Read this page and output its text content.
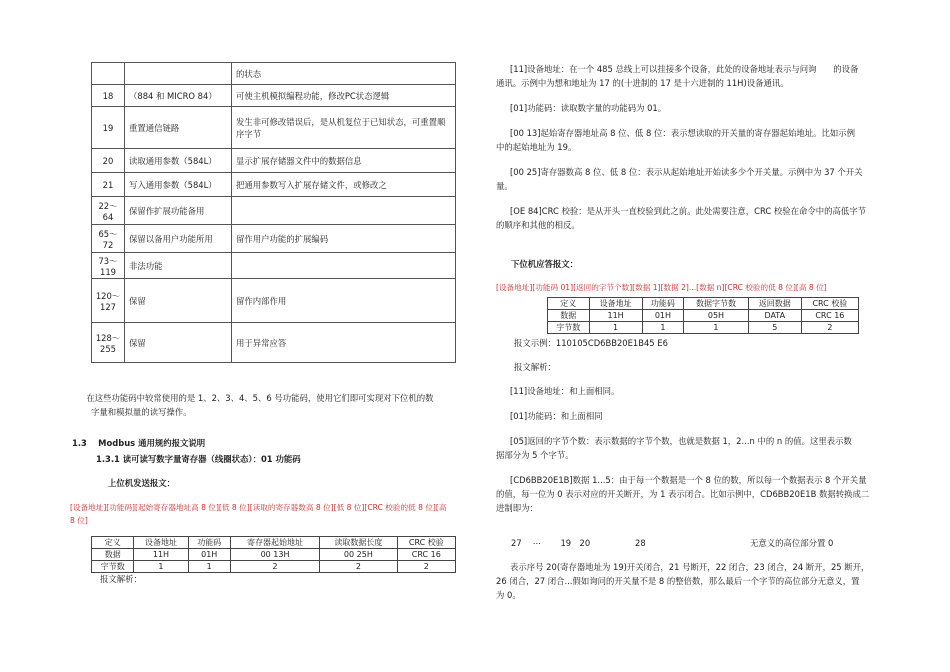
		的状态
18	（884 和 MICRO 84）	可使主机模拟编程功能，修改PC状态逻辑
19	重置通信链路	发生非可修改错误后，是从机复位于已知状态，可重置顺序字节
20	读取通用参数（584L）	显示扩展存储器文件中的数据信息
21	写入通用参数（584L）	把通用参数写入扩展存储文件，或修改之
22～64	保留作扩展功能备用	
65～72	保留以备用户功能所用	留作用户功能的扩展编码
73～119	非法功能	
120～127	保留	留作内部作用
128～255	保留	用于异常应答
在这些功能码中较常使用的是 1、2、3、4、5、6 号功能码，使用它们即可实现对下位机的数
字量和模拟量的读写操作。
1.3　 Modbus 通用规约报文说明
1.3.1 读可读写数字量寄存器（线圈状态）：01 功能码
上位机发送报文：
[设备地址][功能码][起始寄存器地址高 8 位][低 8 位][读取的寄存器数高 8 位][低 8 位][CRC 校验的低 8 位][高
8 位]
定义	设备地址	功能码	寄存器起始地址	读取数据长度	CRC 校验
数据	11H	01H	00 13H	00 25H	CRC 16
字节数	1	1	2	2	2
报文解析：
[11]设备地址：在一个 485 总线上可以挂接多个设备，此处的设备地址表示与问询　　的设备
通讯。示例中为想和地址为 17 的(十进制的 17 是十六进制的 11H)设备通讯。
[01]功能码：读取数字量的功能码为 01。
[00 13]起始寄存器地址高 8 位、低 8 位：表示想读取的开关量的寄存器起始地址。比如示例
中的起始地址为 19。
[00 25]寄存器数高 8 位、低 8 位：表示从起始地址开始读多少个开关量。示例中为 37 个开关
量。
[OE 84]CRC 校验：是从开头一直校验到此之前。此处需要注意，CRC 校验在命令中的高低字节
的顺序和其他的相反。
下位机应答报文：
[设备地址][功能码 01][返回的字节个数][数据 1][数据 2]...[数据 n][CRC 校验的低 8 位][高 8 位]
定义	设备地址	功能码	数据字节数	返回数据	CRC 校验
数据	11H	01H	05H	DATA	CRC 16
字节数	1	1	1	5	2
报文示例：110105CD6BB20E1B45 E6
报文解析：
[11]设备地址：和上面相同。
[01]功能码：和上面相同
[05]返回的字节个数：表示数据的字节个数，也就是数据 1，2...n 中的 n 的值。这里表示数
据部分为 5 个字节。
[CD6BB20E1B]数据 1...5：由于每一个数据是一个 8 位的数，所以每一个数据表示 8 个开关量
的值，每一位为 0 表示对应的开关断开，为 1 表示闭合。比如示例中，CD6BB20E1B 数据转换成二
进制即为：
27　 ⋯　 　19　20	28	无意义的高位部分置 0
表示序号 20(寄存器地址为 19)开关闭合，21 号断开，22 闭合，23 闭合，24 断开，25 断开，
26 闭合，27 闭合...假如询问的开关量不是 8 的整倍数，那么最后一个字节的高位部分无意义，置
为 0。
